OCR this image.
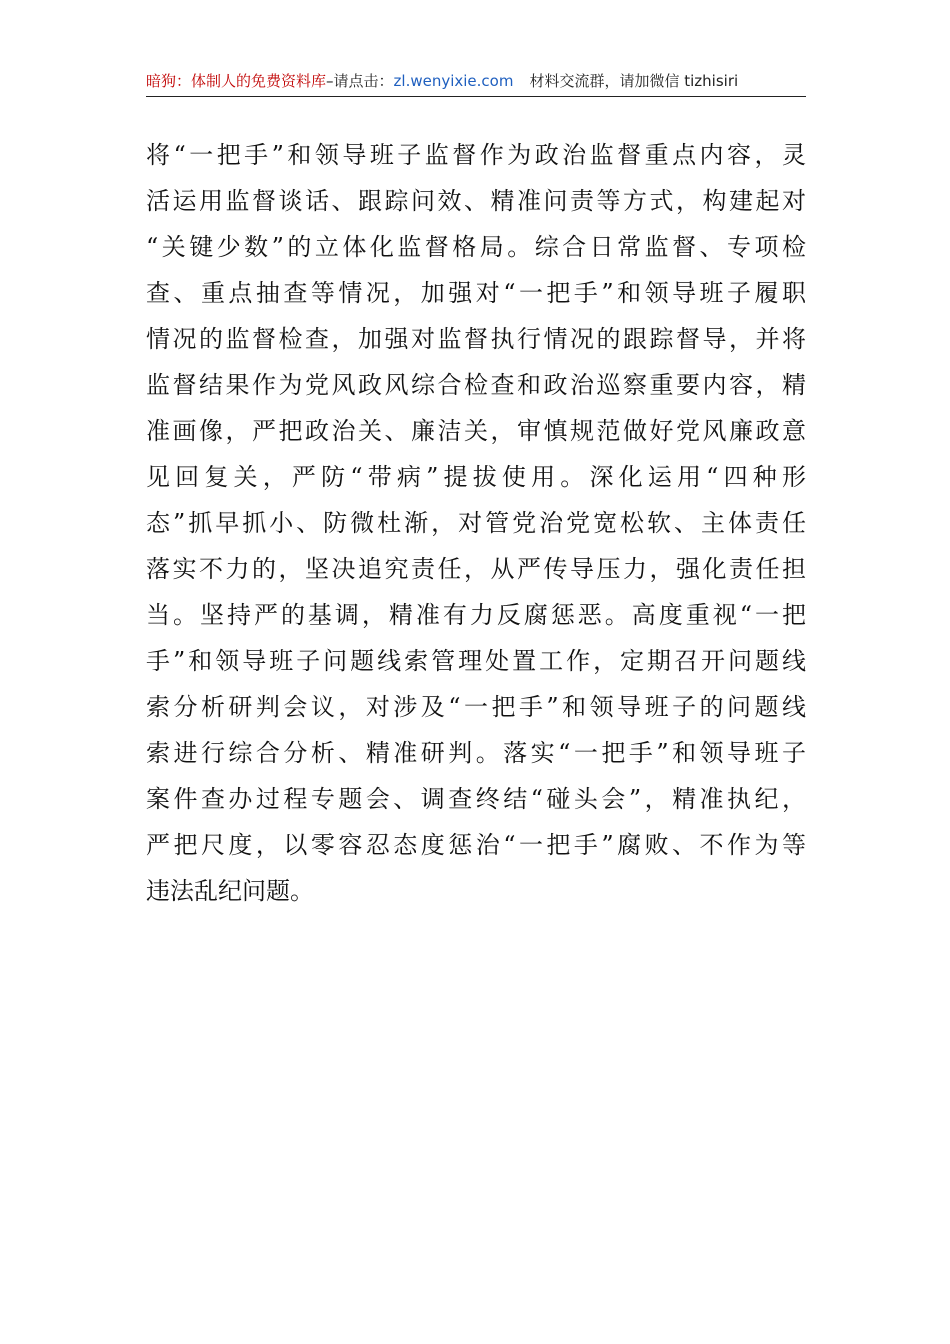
暗狗：体制人的免费资料库–请点击：zl.wenyixie.com 材料交流群，请加微信 tizhisiri
将“一把手”和领导班子监督作为政治监督重点内容，灵
活运用监督谈话、跟踪问效、精准问责等方式，构建起对
“关键少数”的立体化监督格局。综合日常监督、专项检
查、重点抽查等情况，加强对“一把手”和领导班子履职
情况的监督检查，加强对监督执行情况的跟踪督导，并将
监督结果作为党风政风综合检查和政治巡察重要内容，精
准画像，严把政治关、廉洁关，审慎规范做好党风廉政意
见回复关，严防“带病”提拔使用。深化运用“四种形
态”抓早抓小、防微杜渐，对管党治党宽松软、主体责任
落实不力的，坚决追究责任，从严传导压力，强化责任担
当。坚持严的基调，精准有力反腐惩恶。高度重视“一把
手”和领导班子问题线索管理处置工作，定期召开问题线
索分析研判会议，对涉及“一把手”和领导班子的问题线
索进行综合分析、精准研判。落实“一把手”和领导班子
案件查办过程专题会、调查终结“碰头会”，精准执纪，
严把尺度，以零容忍态度惩治“一把手”腐败、不作为等
违法乱纪问题。
